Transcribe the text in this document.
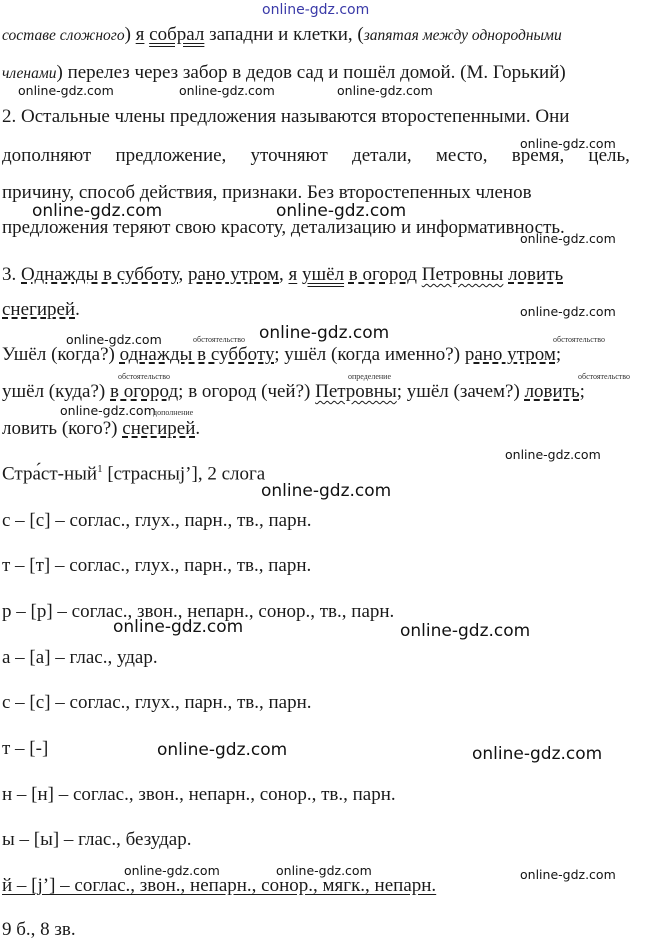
online-gdz.com
составе сложного) я собрал западни и клетки, (запятая между однородными
членами) перелез через забор в дедов сад и пошёл домой. (М. Горький)
online-gdz.com	online-gdz.com	online-gdz.com
2. Остальные члены предложения называются второстепенными. Они
online-gdz.com
дополняют предложение, уточняют детали, место, время, цель,
причину, способ действия, признаки. Без второстепенных членов
online-gdz.com	online-gdz.com
предложения теряют свою красоту, детализацию и информативность.
online-gdz.com
3. Однажды в субботу, рано утром, я ушёл в огород Петровны ловить
снегирей.	online-gdz.com
online-gdz.com	обстоятельство online-gdz.com	обстоятельство
Ушёл (когда?) однажды в субботу; ушёл (когда именно?) рано утром;
обстоятельство	определение	обстоятельство
ушёл (куда?) в огород; в огород (чей?) Петровны; ушёл (зачем?) ловить;
online-gdz.com
дополнение
ловить (кого?) снегирей.
online-gdz.com
Стра́ст-ный$^1$ [страсныj’], 2 слога
online-gdz.com
с – [с] – соглас., глух., парн., тв., парн.
т – [т] – соглас., глух., парн., тв., парн.
р – [р] – соглас., звон., непарн., сонор., тв., парн.
online-gdz.com	online-gdz.com
а – [а] – глас., удар.
с – [с] – соглас., глух., парн., тв., парн.
т – [-]	online-gdz.com	online-gdz.com
н – [н] – соглас., звон., непарн., сонор., тв., парн.
ы – [ы] – глас., безудар.
online-gdz.com	online-gdz.com	online-gdz.com
й – [j’] – соглас., звон., непарн., сонор., мягк., непарн.
9 б., 8 зв.
